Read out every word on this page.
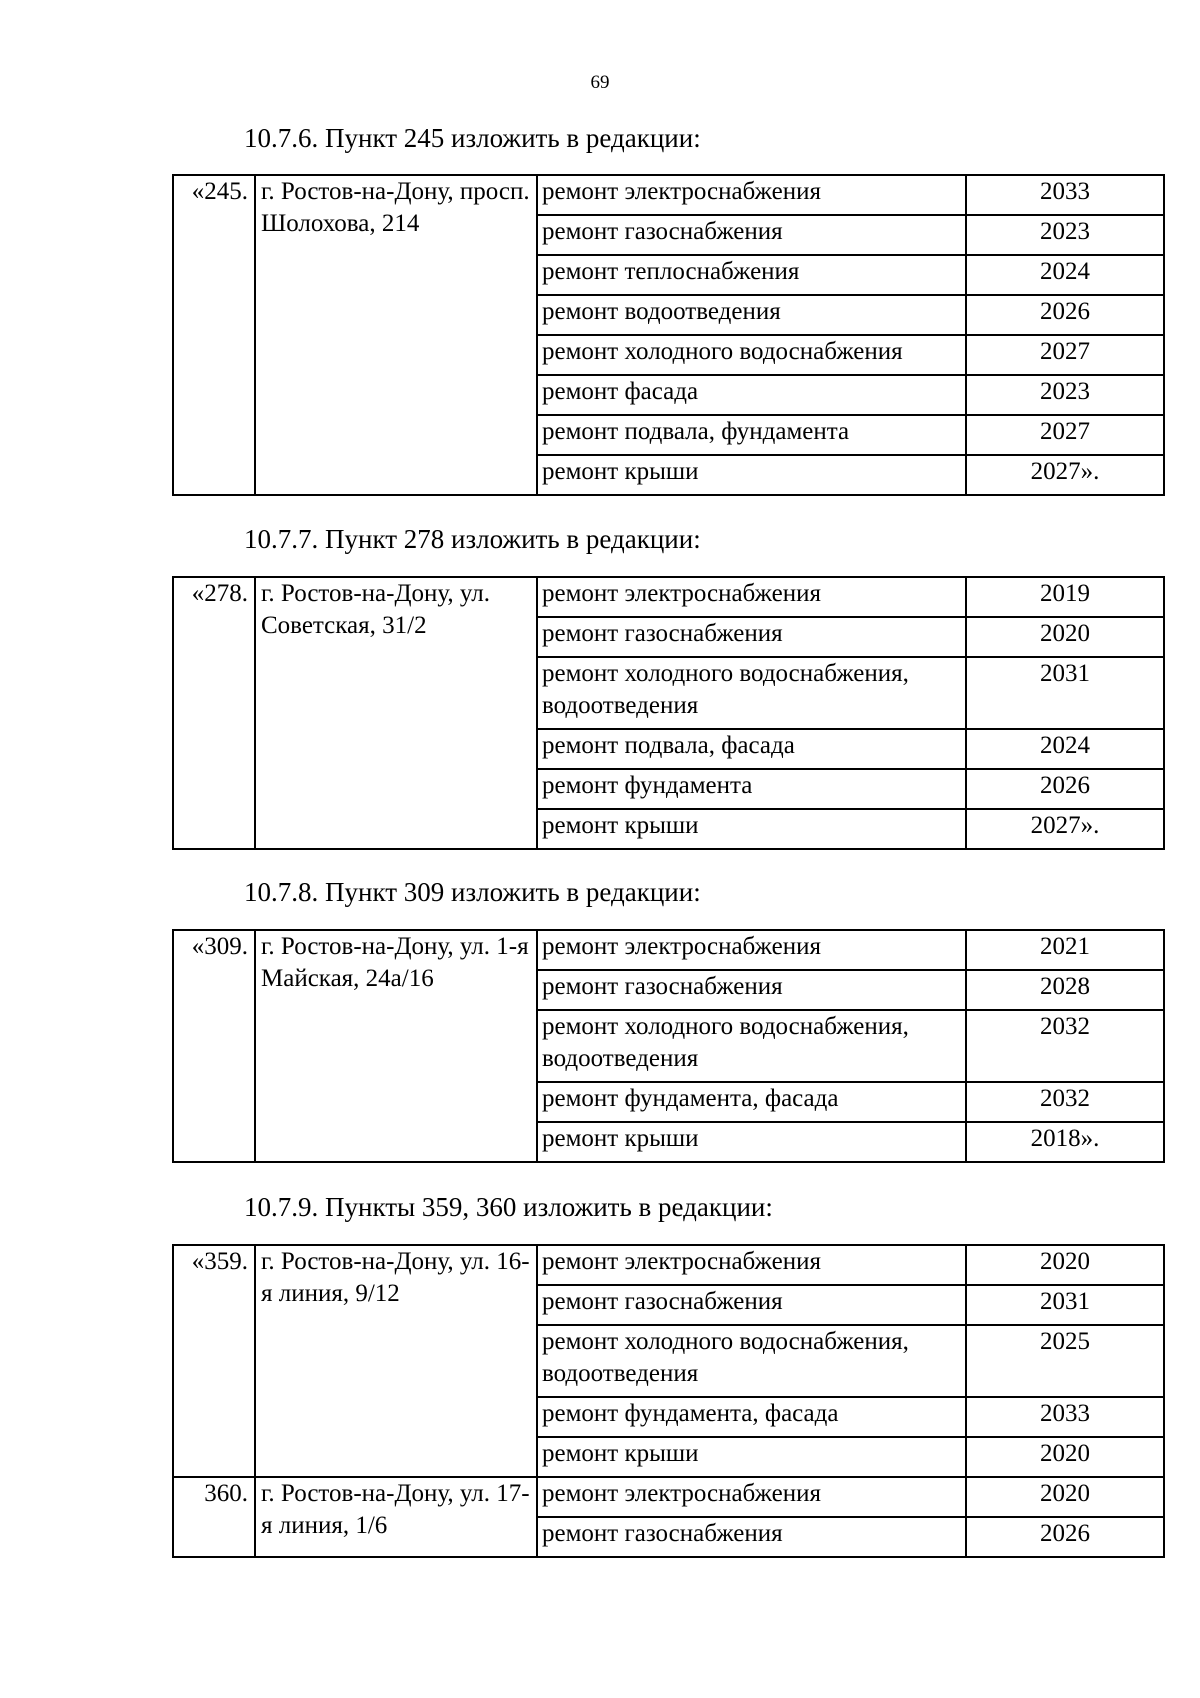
69
10.7.6. Пункт 245 изложить в редакции:
«245.	г. Ростов-на-Дону, просп. Шолохова, 214	ремонт электроснабжения	2033
		ремонт газоснабжения	2023
		ремонт теплоснабжения	2024
		ремонт водоотведения	2026
		ремонт холодного водоснабжения	2027
		ремонт фасада	2023
		ремонт подвала, фундамента	2027
		ремонт крыши	2027».
10.7.7. Пункт 278 изложить в редакции:
«278.	г. Ростов-на-Дону, ул. Советская, 31/2	ремонт электроснабжения	2019
		ремонт газоснабжения	2020
		ремонт холодного водоснабжения, водоотведения	2031
		ремонт подвала, фасада	2024
		ремонт фундамента	2026
		ремонт крыши	2027».
10.7.8. Пункт 309 изложить в редакции:
«309.	г. Ростов-на-Дону, ул. 1-я Майская, 24а/16	ремонт электроснабжения	2021
		ремонт газоснабжения	2028
		ремонт холодного водоснабжения, водоотведения	2032
		ремонт фундамента, фасада	2032
		ремонт крыши	2018».
10.7.9. Пункты 359, 360 изложить в редакции:
«359.	г. Ростов-на-Дону, ул. 16-я линия, 9/12	ремонт электроснабжения	2020
		ремонт газоснабжения	2031
		ремонт холодного водоснабжения, водоотведения	2025
		ремонт фундамента, фасада	2033
		ремонт крыши	2020
360.	г. Ростов-на-Дону, ул. 17-я линия, 1/6	ремонт электроснабжения	2020
		ремонт газоснабжения	2026
